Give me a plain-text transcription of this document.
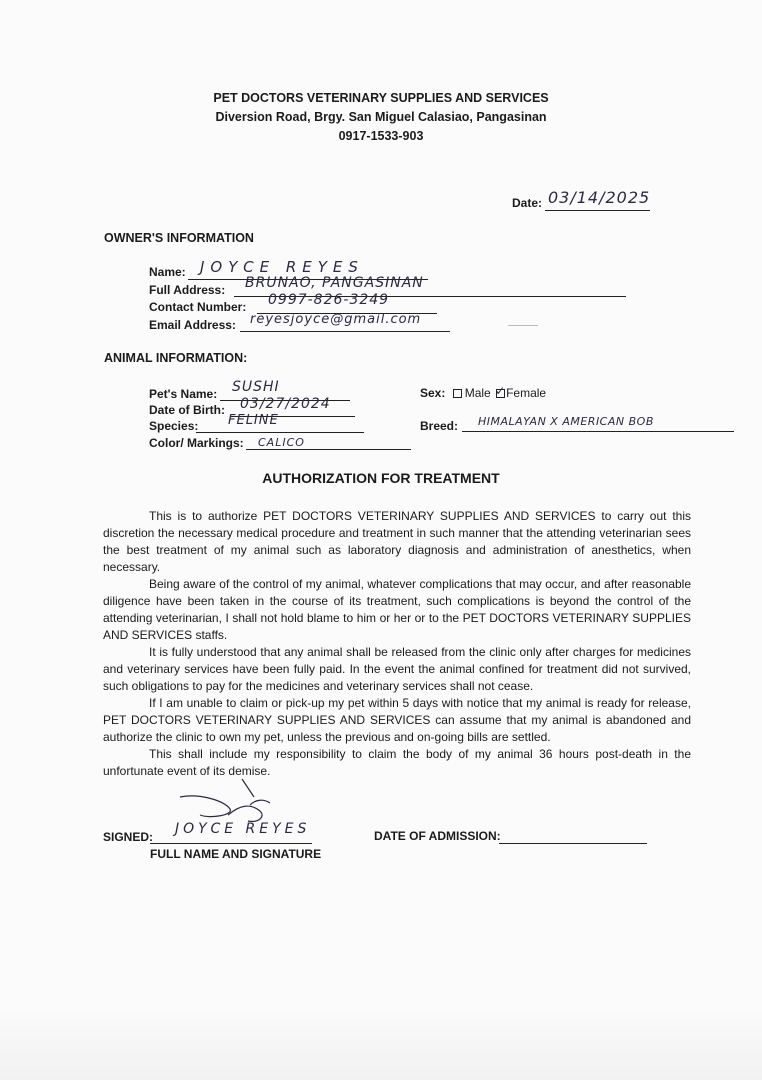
PET DOCTORS VETERINARY SUPPLIES AND SERVICES
Diversion Road, Brgy. San Miguel Calasiao, Pangasinan
0917-1533-903
Date: 03/14/2025
OWNER'S INFORMATION
Name: JOYCE REYES
Full Address: BRUNAO, PANGASINAN
Contact Number: 0997-826-3249
Email Address: reyesjoyce@gmail.com
ANIMAL INFORMATION:
Pet's Name: SUSHI
Date of Birth: 03/27/2024
Species: FELINE
Color/ Markings: CALICO
Sex: Male ✓ Female
Breed: HIMALAYAN X AMERICAN BOB
AUTHORIZATION FOR TREATMENT

This is to authorize PET DOCTORS VETERINARY SUPPLIES AND SERVICES to carry out this discretion the necessary medical procedure and treatment in such manner that the attending veterinarian sees the best treatment of my animal such as laboratory diagnosis and administration of anesthetics, when necessary.

Being aware of the control of my animal, whatever complications that may occur, and after reasonable diligence have been taken in the course of its treatment, such complications is beyond the control of the attending veterinarian, I shall not hold blame to him or her or to the PET DOCTORS VETERINARY SUPPLIES AND SERVICES staffs.

It is fully understood that any animal shall be released from the clinic only after charges for medicines and veterinary services have been fully paid. In the event the animal confined for treatment did not survived, such obligations to pay for the medicines and veterinary services shall not cease.

If I am unable to claim or pick-up my pet within 5 days with notice that my animal is ready for release, PET DOCTORS VETERINARY SUPPLIES AND SERVICES can assume that my animal is abandoned and authorize the clinic to own my pet, unless the previous and on-going bills are settled.

This shall include my responsibility to claim the body of my animal 36 hours post-death in the unfortunate event of its demise.

SIGNED: JOYCE REYES
FULL NAME AND SIGNATURE
DATE OF ADMISSION:
